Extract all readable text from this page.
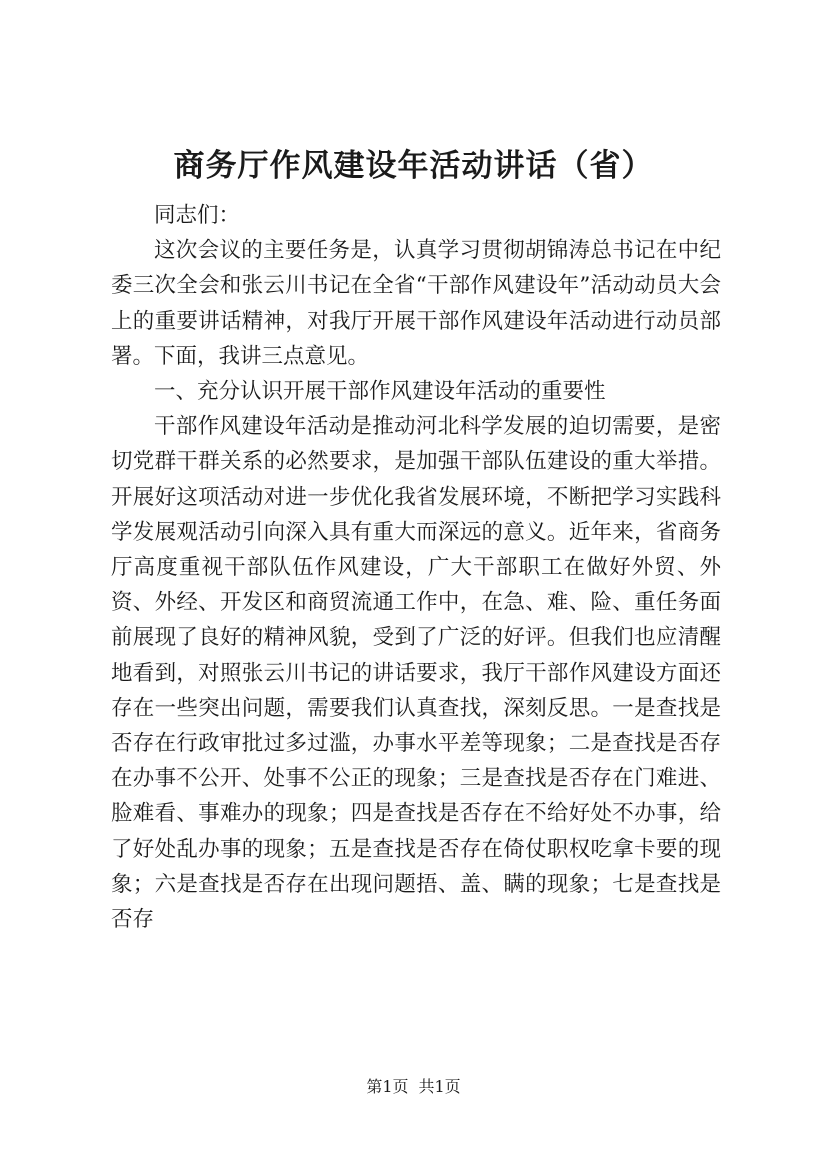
商务厅作风建设年活动讲话（省）

同志们：

这次会议的主要任务是，认真学习贯彻胡锦涛总书记在中纪委三次全会和张云川书记在全省“干部作风建设年”活动动员大会上的重要讲话精神，对我厅开展干部作风建设年活动进行动员部署。下面，我讲三点意见。

一、充分认识开展干部作风建设年活动的重要性

干部作风建设年活动是推动河北科学发展的迫切需要，是密切党群干群关系的必然要求，是加强干部队伍建设的重大举措。开展好这项活动对进一步优化我省发展环境，不断把学习实践科学发展观活动引向深入具有重大而深远的意义。近年来，省商务厅高度重视干部队伍作风建设，广大干部职工在做好外贸、外资、外经、开发区和商贸流通工作中，在急、难、险、重任务面前展现了良好的精神风貌，受到了广泛的好评。但我们也应清醒地看到，对照张云川书记的讲话要求，我厅干部作风建设方面还存在一些突出问题，需要我们认真查找，深刻反思。一是查找是否存在行政审批过多过滥，办事水平差等现象；二是查找是否存在办事不公开、处事不公正的现象；三是查找是否存在门难进、脸难看、事难办的现象；四是查找是否存在不给好处不办事，给了好处乱办事的现象；五是查找是否存在倚仗职权吃拿卡要的现象；六是查找是否存在出现问题捂、盖、瞒的现象；七是查找是否存

第1页 共1页
